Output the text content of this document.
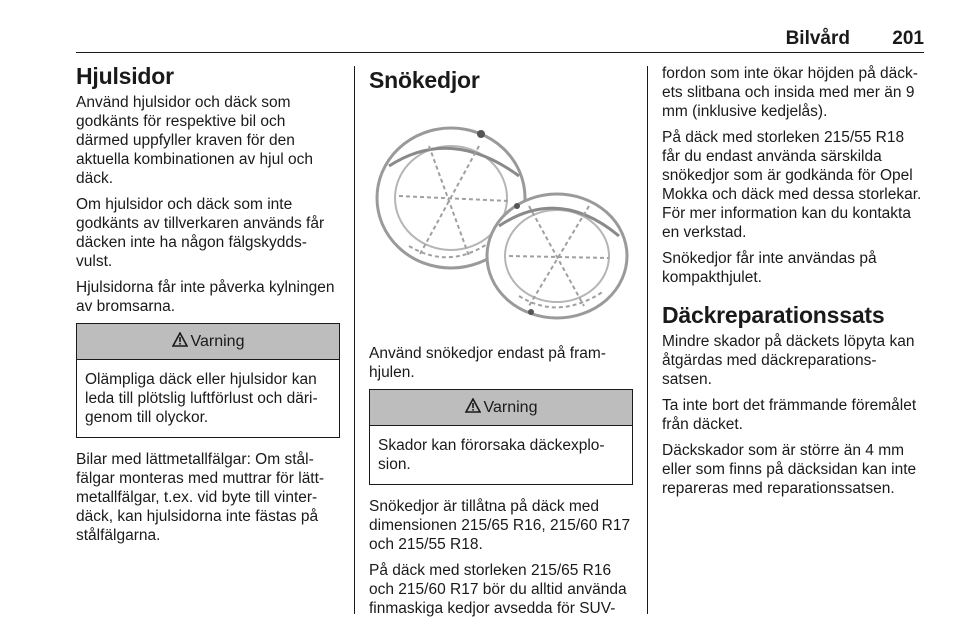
Bilvård 201
Hjulsidor

Använd hjulsidor och däck som godkänts för respektive bil och därmed uppfyller kraven för den aktuella kombinationen av hjul och däck.

Om hjulsidor och däck som inte godkänts av tillverkaren används får däcken inte ha någon fälgskydds-vulst.

Hjulsidorna får inte påverka kylningen av bromsarna.

Varning
Olämpliga däck eller hjulsidor kan leda till plötslig luftförlust och däri-genom till olyckor.

Bilar med lättmetallfälgar: Om stål-fälgar monteras med muttrar för lätt-metallfälgar, t.ex. vid byte till vinter-däck, kan hjulsidorna inte fästas på stålfälgarna.

Snökedjor

Använd snökedjor endast på fram-hjulen.

Varning
Skador kan förorsaka däckexplo-sion.

Snökedjor är tillåtna på däck med dimensionen 215/65 R16, 215/60 R17 och 215/55 R18.

På däck med storleken 215/65 R16 och 215/60 R17 bör du alltid använda finmaskiga kedjor avsedda för SUV-

fordon som inte ökar höjden på däck-ets slitbana och insida med mer än 9 mm (inklusive kedjelås).

På däck med storleken 215/55 R18 får du endast använda särskilda snökedjor som är godkända för Opel Mokka och däck med dessa storlekar. För mer information kan du kontakta en verkstad.

Snökedjor får inte användas på kompakthjulet.

Däckreparationssats

Mindre skador på däckets löpyta kan åtgärdas med däckreparations-satsen.

Ta inte bort det främmande föremålet från däcket.

Däckskador som är större än 4 mm eller som finns på däcksidan kan inte repareras med reparationssatsen.
